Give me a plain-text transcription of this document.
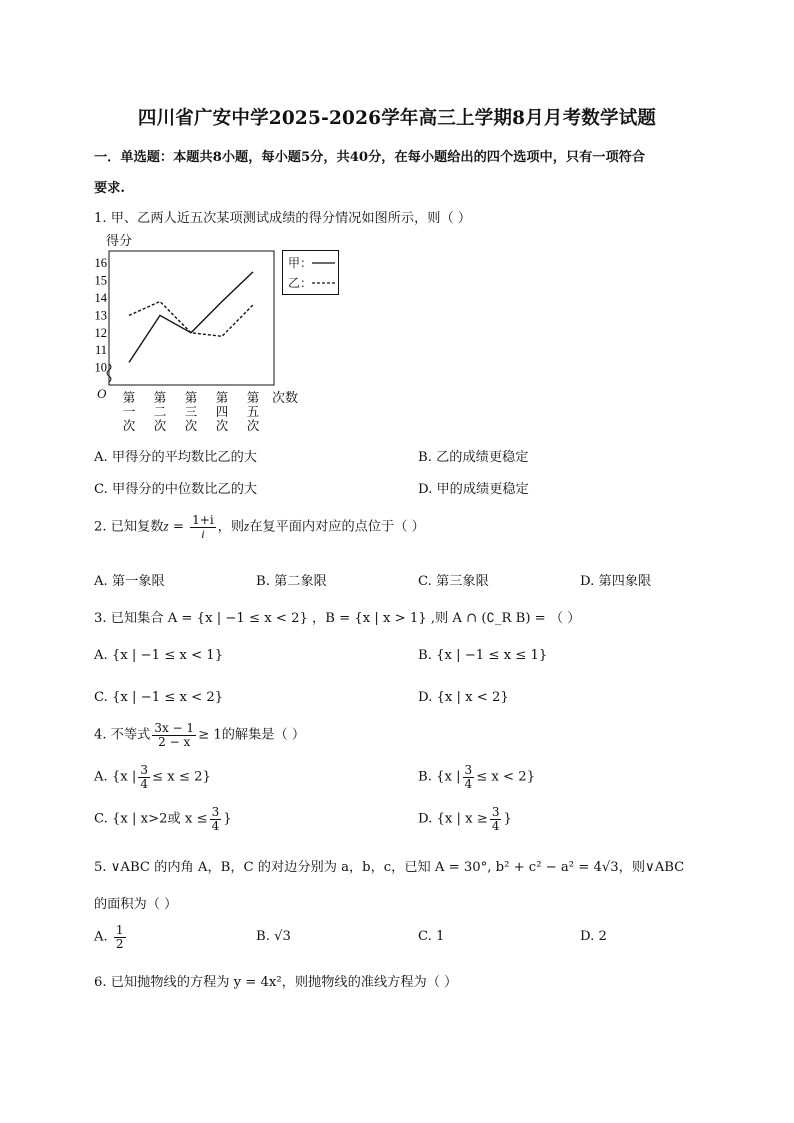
四川省广安中学2025-2026学年高三上学期8月月考数学试题
一．单选题：本题共8小题，每小题5分，共40分，在每小题给出的四个选项中，只有一项符合
要求.
1. 甲、乙两人近五次某项测试成绩的得分情况如图所示，则（ ）
得分
O	次数
10
11
12
13
14
15
16
第
一
次
第
二
次
第
三
次
第
四
次
第
五
次
甲：
乙：
A. 甲得分的平均数比乙的大	B. 乙的成绩更稳定
C. 甲得分的中位数比乙的大	D. 甲的成绩更稳定
2. 已知复数$z = \frac{1+i}{i}$ ，则z在复平面内对应的点位于（ ）
A. 第一象限	B. 第二象限	C. 第三象限	D. 第四象限
3. 已知集合 A = {x | −1 ≤ x < 2} ，B = {x | x > 1} ,则 A ∩ (∁_R B) = （ ）
A. {x | −1 ≤ x < 1}	B. {x | −1 ≤ x ≤ 1}
C. {x | −1 ≤ x < 2}	D. {x | x < 2}
4. 不等式 $\frac{3x - 1}{2 - x} \ge 1$的解集是（ ）
A. {x | $\frac{3}{4} \le x \le 2$}	B. {x | $\frac{3}{4} \le x < 2$}
C. {x | x>2或 $x \le \frac{3}{4}$ }	D. {x | $x \ge \frac{3}{4}$ }
5. ∨ABC 的内角 A，B，C 的对边分别为 a，b，c，已知 A = 30°, b² + c² − a² = 4√3，则∨ABC
的面积为（ ）
A. $\frac{1}{2}$	B. √3	C. 1	D. 2
6. 已知抛物线的方程为 y = 4x²，则抛物线的准线方程为（ ）
